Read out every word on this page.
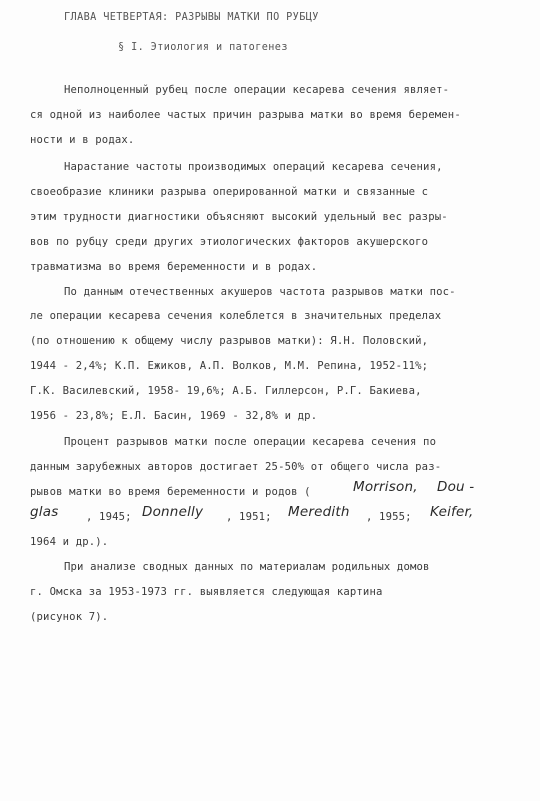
ГЛАВА ЧЕТВЕРТАЯ: РАЗРЫВЫ МАТКИ ПО РУБЦУ
§ I. Этиология и патогенез
Неполноценный рубец после операции кесарева сечения являет-
ся одной из наиболее частых причин разрыва матки во время беремен-
ности и в родах.
Нарастание частоты производимых операций кесарева сечения,
своеобразие клиники разрыва оперированной матки и связанные с
этим трудности диагностики объясняют высокий удельный вес разры-
вов по рубцу среди других этиологических факторов акушерского
травматизма во время беременности и в родах.
По данным отечественных акушеров частота разрывов матки пос-
ле операции кесарева сечения колеблется в значительных пределах
(по отношению к общему числу разрывов матки): Я.Н. Половский,
1944 - 2,4%; К.П. Ежиков, А.П. Волков, М.М. Репина, 1952-11%;
Г.К. Василевский, 1958- 19,6%; А.Б. Гиллерсон, Р.Г. Бакиева,
1956 - 23,8%; Е.Л. Басин, 1969 - 32,8% и др.
Процент разрывов матки после операции кесарева сечения по
данным зарубежных авторов достигает 25-50% от общего числа раз-
рывов матки во время беременности и родов (	Morrison, Dou -
glas	, 1945; Donnelly , 1951; Meredith , 1955; Keifer,
1964 и др.).
При анализе сводных данных по материалам родильных домов
г. Омска за 1953-1973 гг. выявляется следующая картина
(рисунок 7).
